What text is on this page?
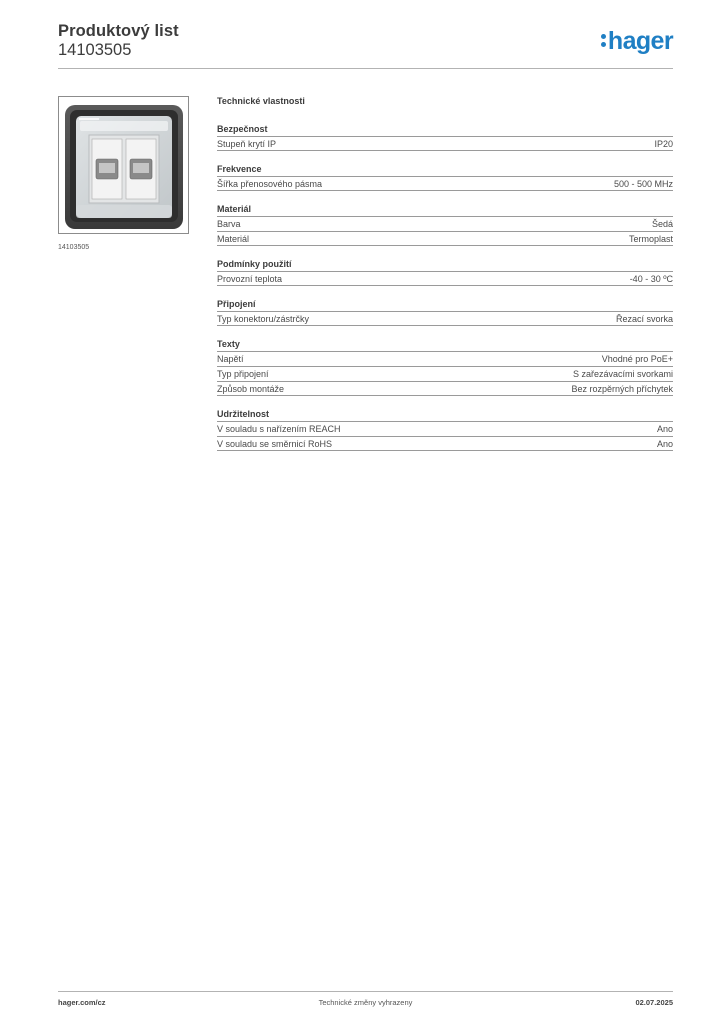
Produktový list
14103505	hager
14103505
Technické vlastnosti
Bezpečnost
Stupeň krytí IP	IP20
Frekvence
Šířka přenosového pásma	500 - 500 MHz
Materiál
Barva	Šedá
Materiál	Termoplast
Podmínky použití
Provozní teplota	-40 - 30 ºC
Připojení
Typ konektoru/zástrčky	Řezací svorka
Texty
Napětí	Vhodné pro PoE+
Typ připojení	S zařezávacími svorkami
Způsob montáže	Bez rozpěrných příchytek
Udržitelnost
V souladu s nařízením REACH	Ano
V souladu se směrnicí RoHS	Ano
hager.com/cz	Technické změny vyhrazeny	02.07.2025
